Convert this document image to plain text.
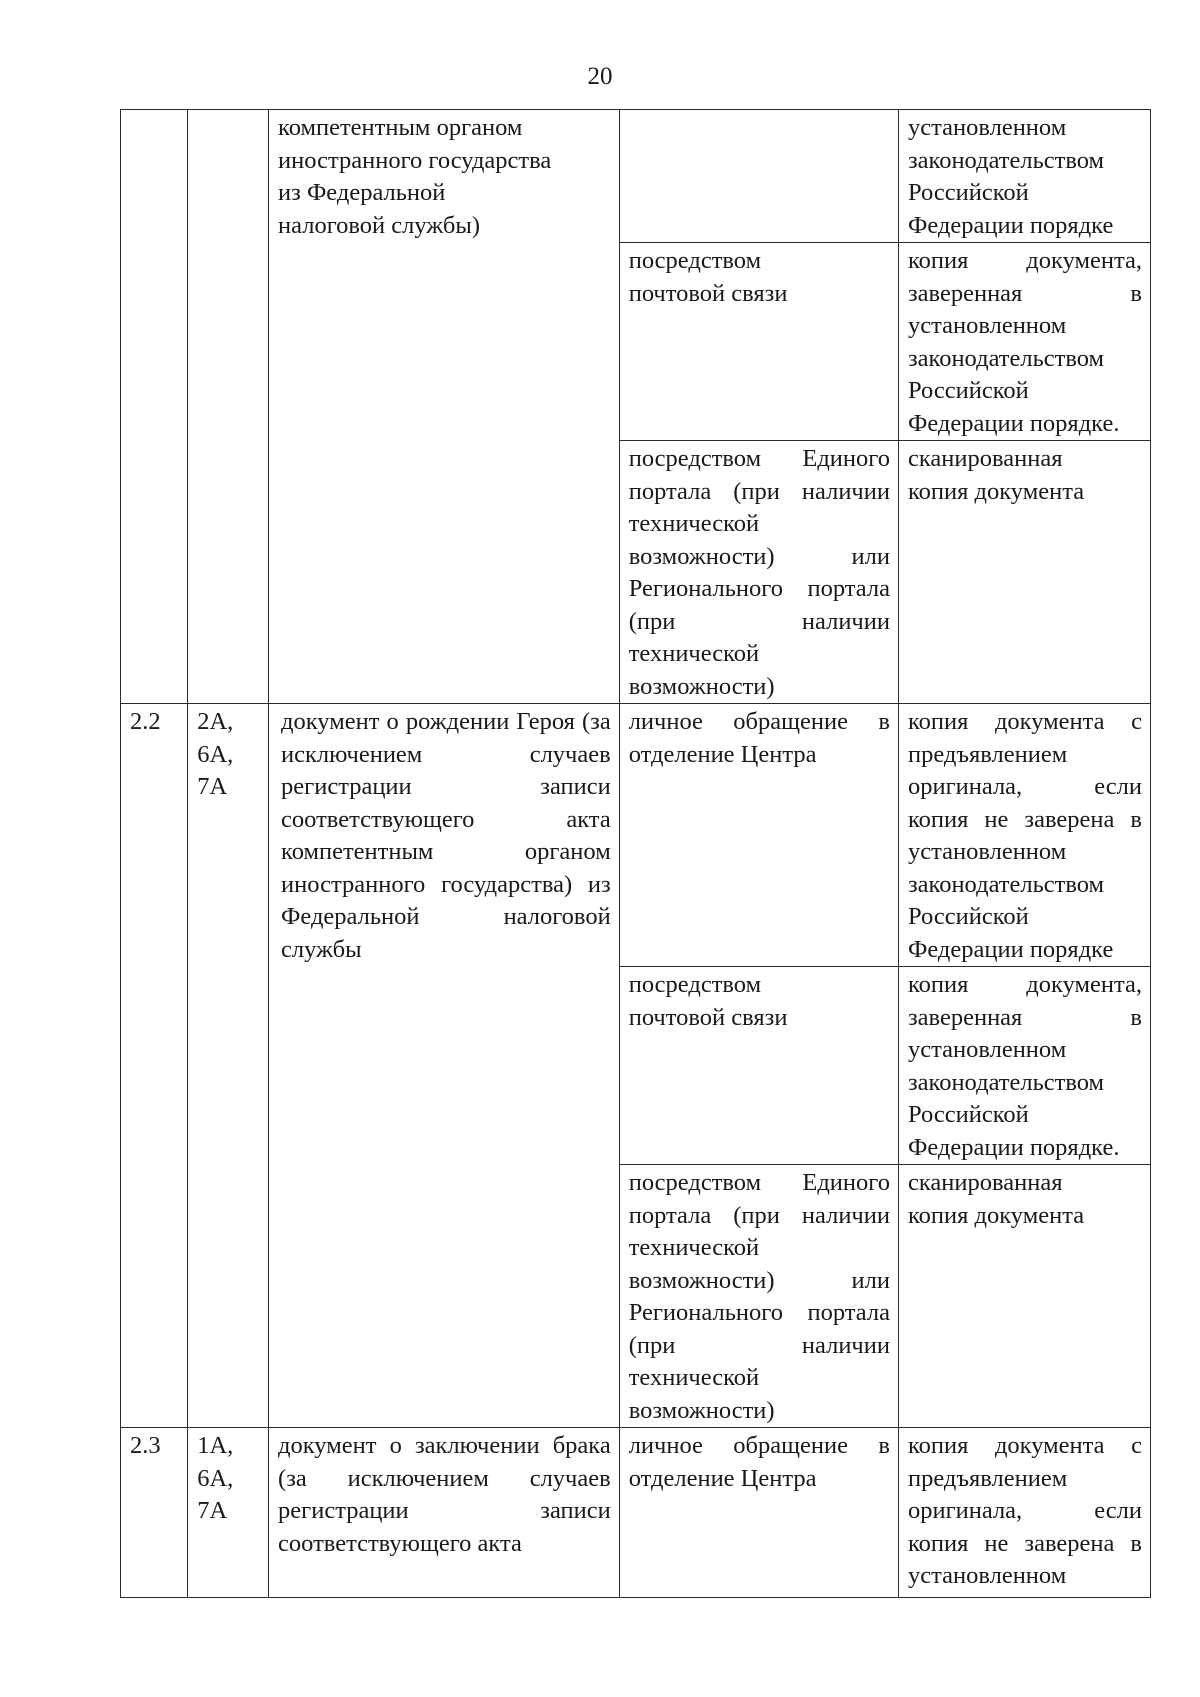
20

		компетентным органом
иностранного государства
из Федеральной
налоговой службы)		установленном
законодательством
Российской
Федерации порядке

			посредством
почтовой связи	копия документа, заверенная в установленном законодательством Российской Федерации порядке.
			посредством Единого портала (при наличии технической возможности) или Регионального портала (при наличии технической возможности)	сканированная
копия документа

2.2	2А,
6А,
7А	документ о рождении Героя (за исключением случаев регистрации записи соответствующего акта компетентным органом иностранного государства) из Федеральной налоговой службы	личное обращение в отделение Центра	копия документа с предъявлением оригинала, если копия не заверена в установленном законодательством Российской Федерации порядке

			посредством
почтовой связи	копия документа, заверенная в установленном законодательством Российской Федерации порядке.
			посредством Единого портала (при наличии технической возможности) или Регионального портала (при наличии технической возможности)	сканированная
копия документа

2.3	1А,
6А,
7А	документ о заключении брака (за исключением случаев регистрации записи соответствующего акта	личное обращение в отделение Центра	копия документа с предъявлением оригинала, если копия не заверена в установленном
